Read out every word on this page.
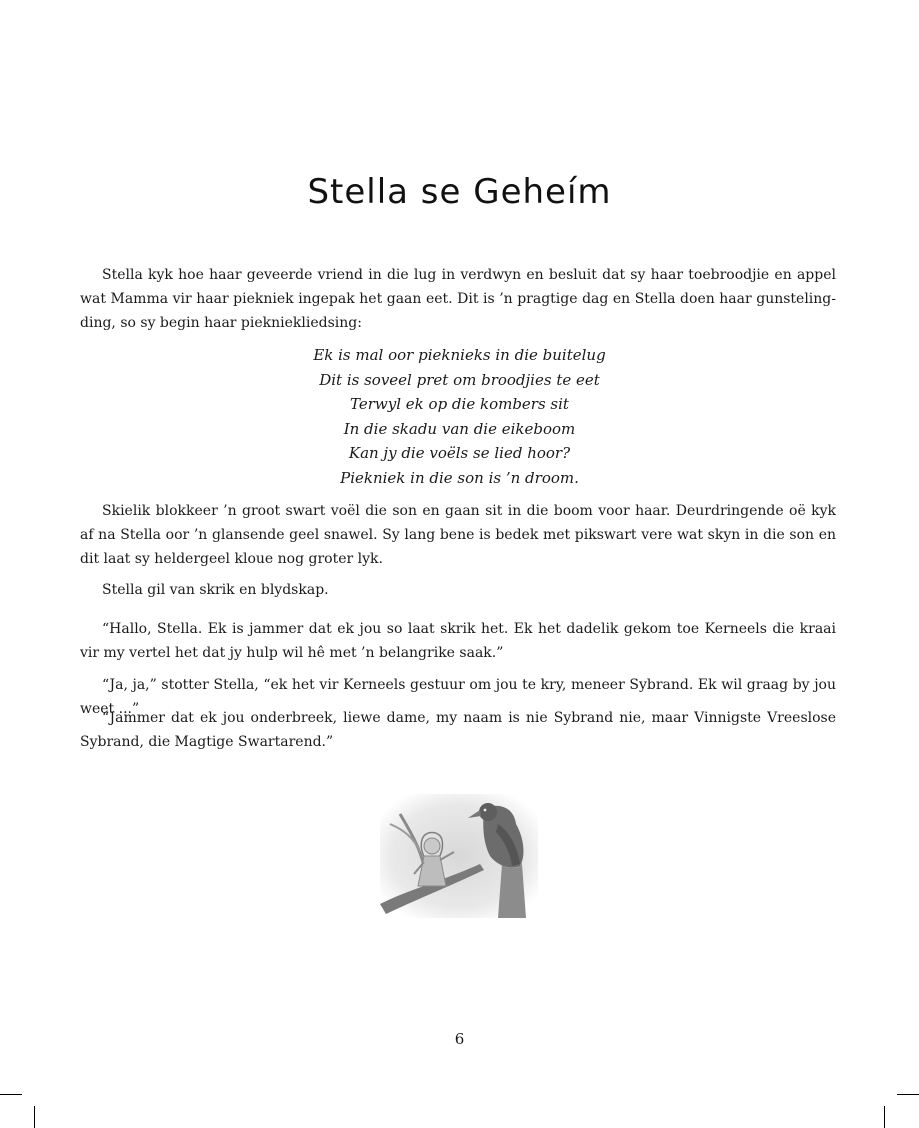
Stella se Geheím

Stella kyk hoe haar geveerde vriend in die lug in verdwyn en besluit dat sy haar toebroodjie en appel wat Mamma vir haar piekniek ingepak het gaan eet. Dit is ’n pragtige dag en Stella doen haar gunsteling-ding, so sy begin haar piekniekliedsing:

Ek is mal oor pieknieks in die buitelug
Dit is soveel pret om broodjies te eet
Terwyl ek op die kombers sit
In die skadu van die eikeboom
Kan jy die voëls se lied hoor?
Piekniek in die son is ’n droom.

Skielik blokkeer ’n groot swart voël die son en gaan sit in die boom voor haar. Deurdringende oë kyk af na Stella oor ’n glansende geel snawel. Sy lang bene is bedek met pikswart vere wat skyn in die son en dit laat sy heldergeel kloue nog groter lyk.

Stella gil van skrik en blydskap.

“Hallo, Stella. Ek is jammer dat ek jou so laat skrik het. Ek het dadelik gekom toe Kerneels die kraai vir my vertel het dat jy hulp wil hê met ’n belangrike saak.”

“Ja, ja,” stotter Stella, “ek het vir Kerneels gestuur om jou te kry, meneer Sybrand. Ek wil graag by jou weet ...”

“Jammer dat ek jou onderbreek, liewe dame, my naam is nie Sybrand nie, maar Vinnigste Vreeslose Sybrand, die Magtige Swartarend.”

6
